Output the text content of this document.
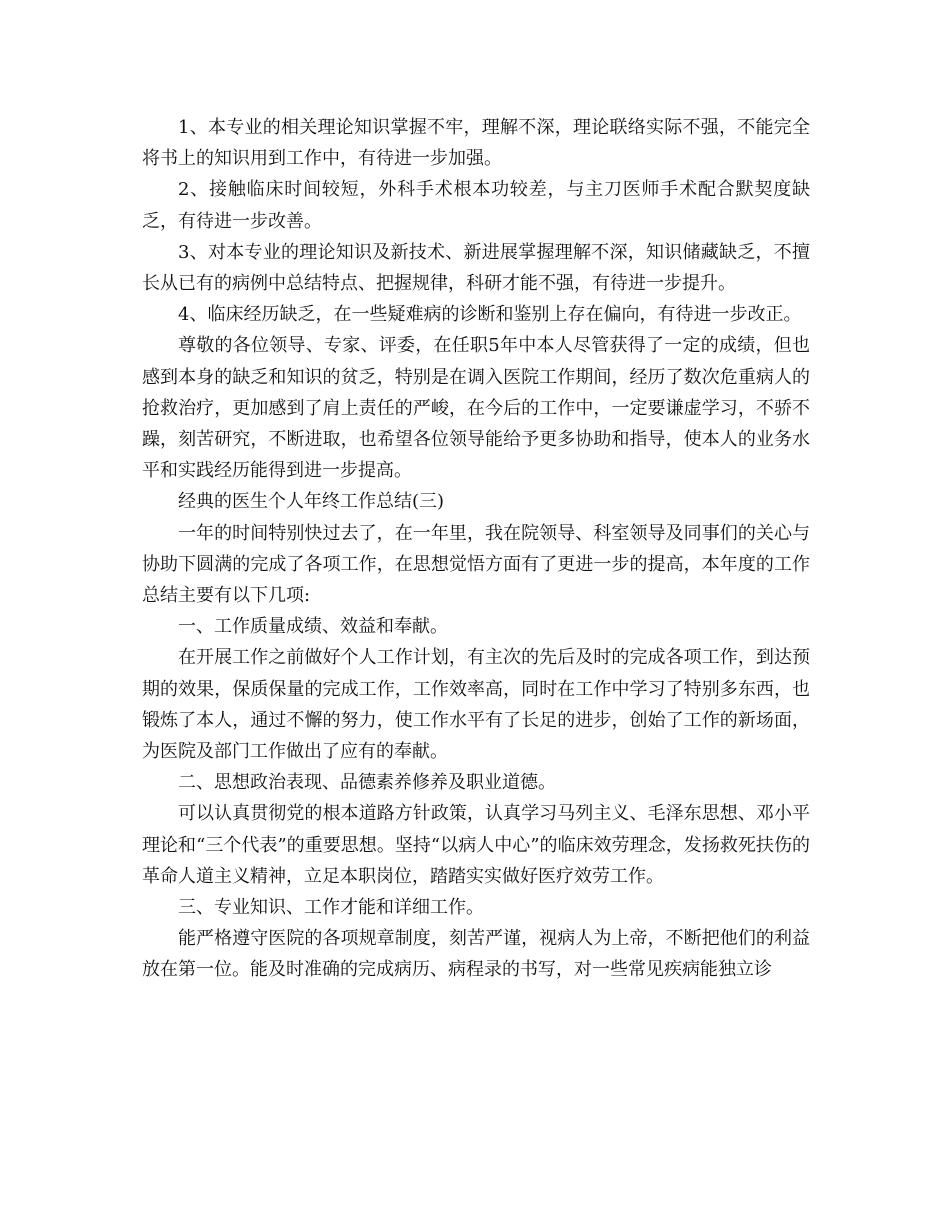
1、本专业的相关理论知识掌握不牢，理解不深，理论联络实际不强，不能完全将书上的知识用到工作中，有待进一步加强。

2、接触临床时间较短，外科手术根本功较差，与主刀医师手术配合默契度缺乏，有待进一步改善。

3、对本专业的理论知识及新技术、新进展掌握理解不深，知识储藏缺乏，不擅长从已有的病例中总结特点、把握规律，科研才能不强，有待进一步提升。

4、临床经历缺乏，在一些疑难病的诊断和鉴别上存在偏向，有待进一步改正。

尊敬的各位领导、专家、评委，在任职5年中本人尽管获得了一定的成绩，但也感到本身的缺乏和知识的贫乏，特别是在调入医院工作期间，经历了数次危重病人的抢救治疗，更加感到了肩上责任的严峻，在今后的工作中，一定要谦虚学习，不骄不躁，刻苦研究，不断进取，也希望各位领导能给予更多协助和指导，使本人的业务水平和实践经历能得到进一步提高。

经典的医生个人年终工作总结(三)

一年的时间特别快过去了，在一年里，我在院领导、科室领导及同事们的关心与协助下圆满的完成了各项工作，在思想觉悟方面有了更进一步的提高，本年度的工作总结主要有以下几项:

一、工作质量成绩、效益和奉献。

在开展工作之前做好个人工作计划，有主次的先后及时的完成各项工作，到达预期的效果，保质保量的完成工作，工作效率高，同时在工作中学习了特别多东西，也锻炼了本人，通过不懈的努力，使工作水平有了长足的进步，创始了工作的新场面，为医院及部门工作做出了应有的奉献。

二、思想政治表现、品德素养修养及职业道德。

可以认真贯彻党的根本道路方针政策，认真学习马列主义、毛泽东思想、邓小平理论和“三个代表”的重要思想。坚持“以病人中心”的临床效劳理念，发扬救死扶伤的革命人道主义精神，立足本职岗位，踏踏实实做好医疗效劳工作。

三、专业知识、工作才能和详细工作。

能严格遵守医院的各项规章制度，刻苦严谨，视病人为上帝，不断把他们的利益放在第一位。能及时准确的完成病历、病程录的书写，对一些常见疾病能独立诊
